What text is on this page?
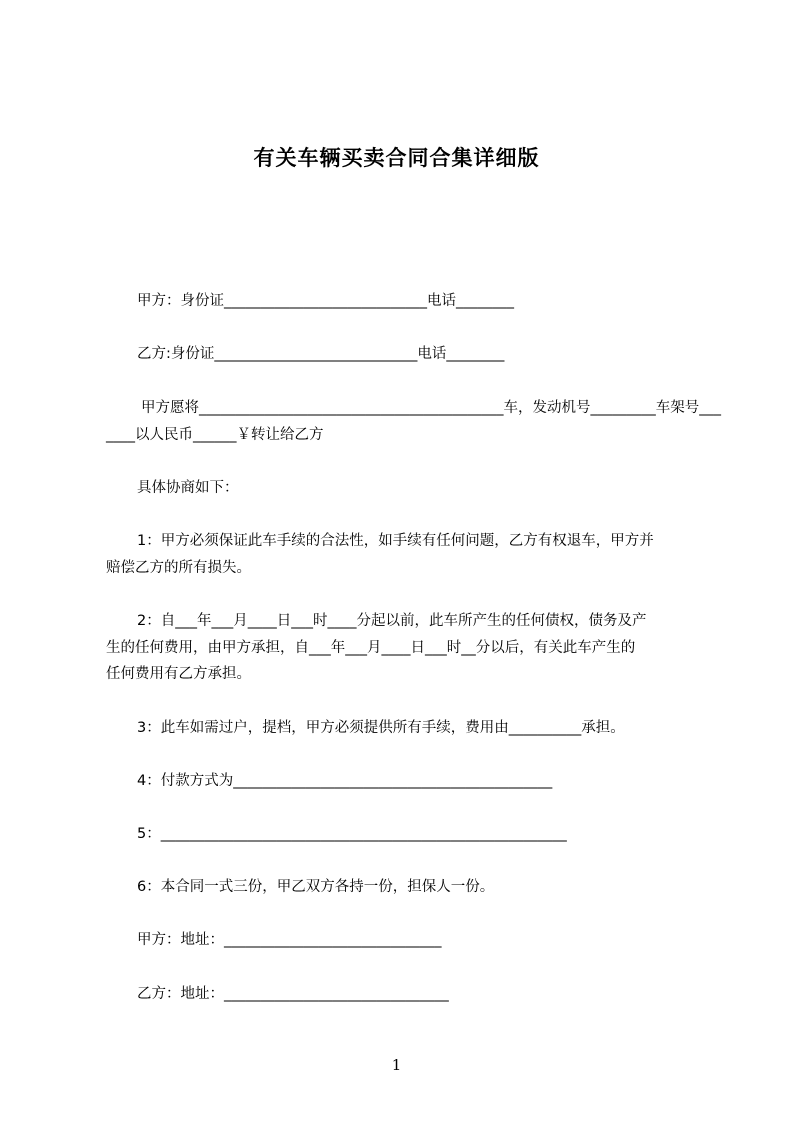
有关车辆买卖合同合集详细版
甲方：身份证____________________________电话________
乙方:身份证____________________________电话________
甲方愿将__________________________________________车，发动机号_________车架号___
____以人民币______￥转让给乙方
具体协商如下：
1：甲方必须保证此车手续的合法性，如手续有任何问题，乙方有权退车，甲方并
赔偿乙方的所有损失。
2：自___年___月____日___时____分起以前，此车所产生的任何债权，债务及产
生的任何费用，由甲方承担，自___年___月____日___时__分以后，有关此车产生的
任何费用有乙方承担。
3：此车如需过户，提档，甲方必须提供所有手续，费用由__________承担。
4：付款方式为____________________________________________
5：________________________________________________________
6：本合同一式三份，甲乙双方各持一份，担保人一份。
甲方：地址：______________________________
乙方：地址：_______________________________
1
